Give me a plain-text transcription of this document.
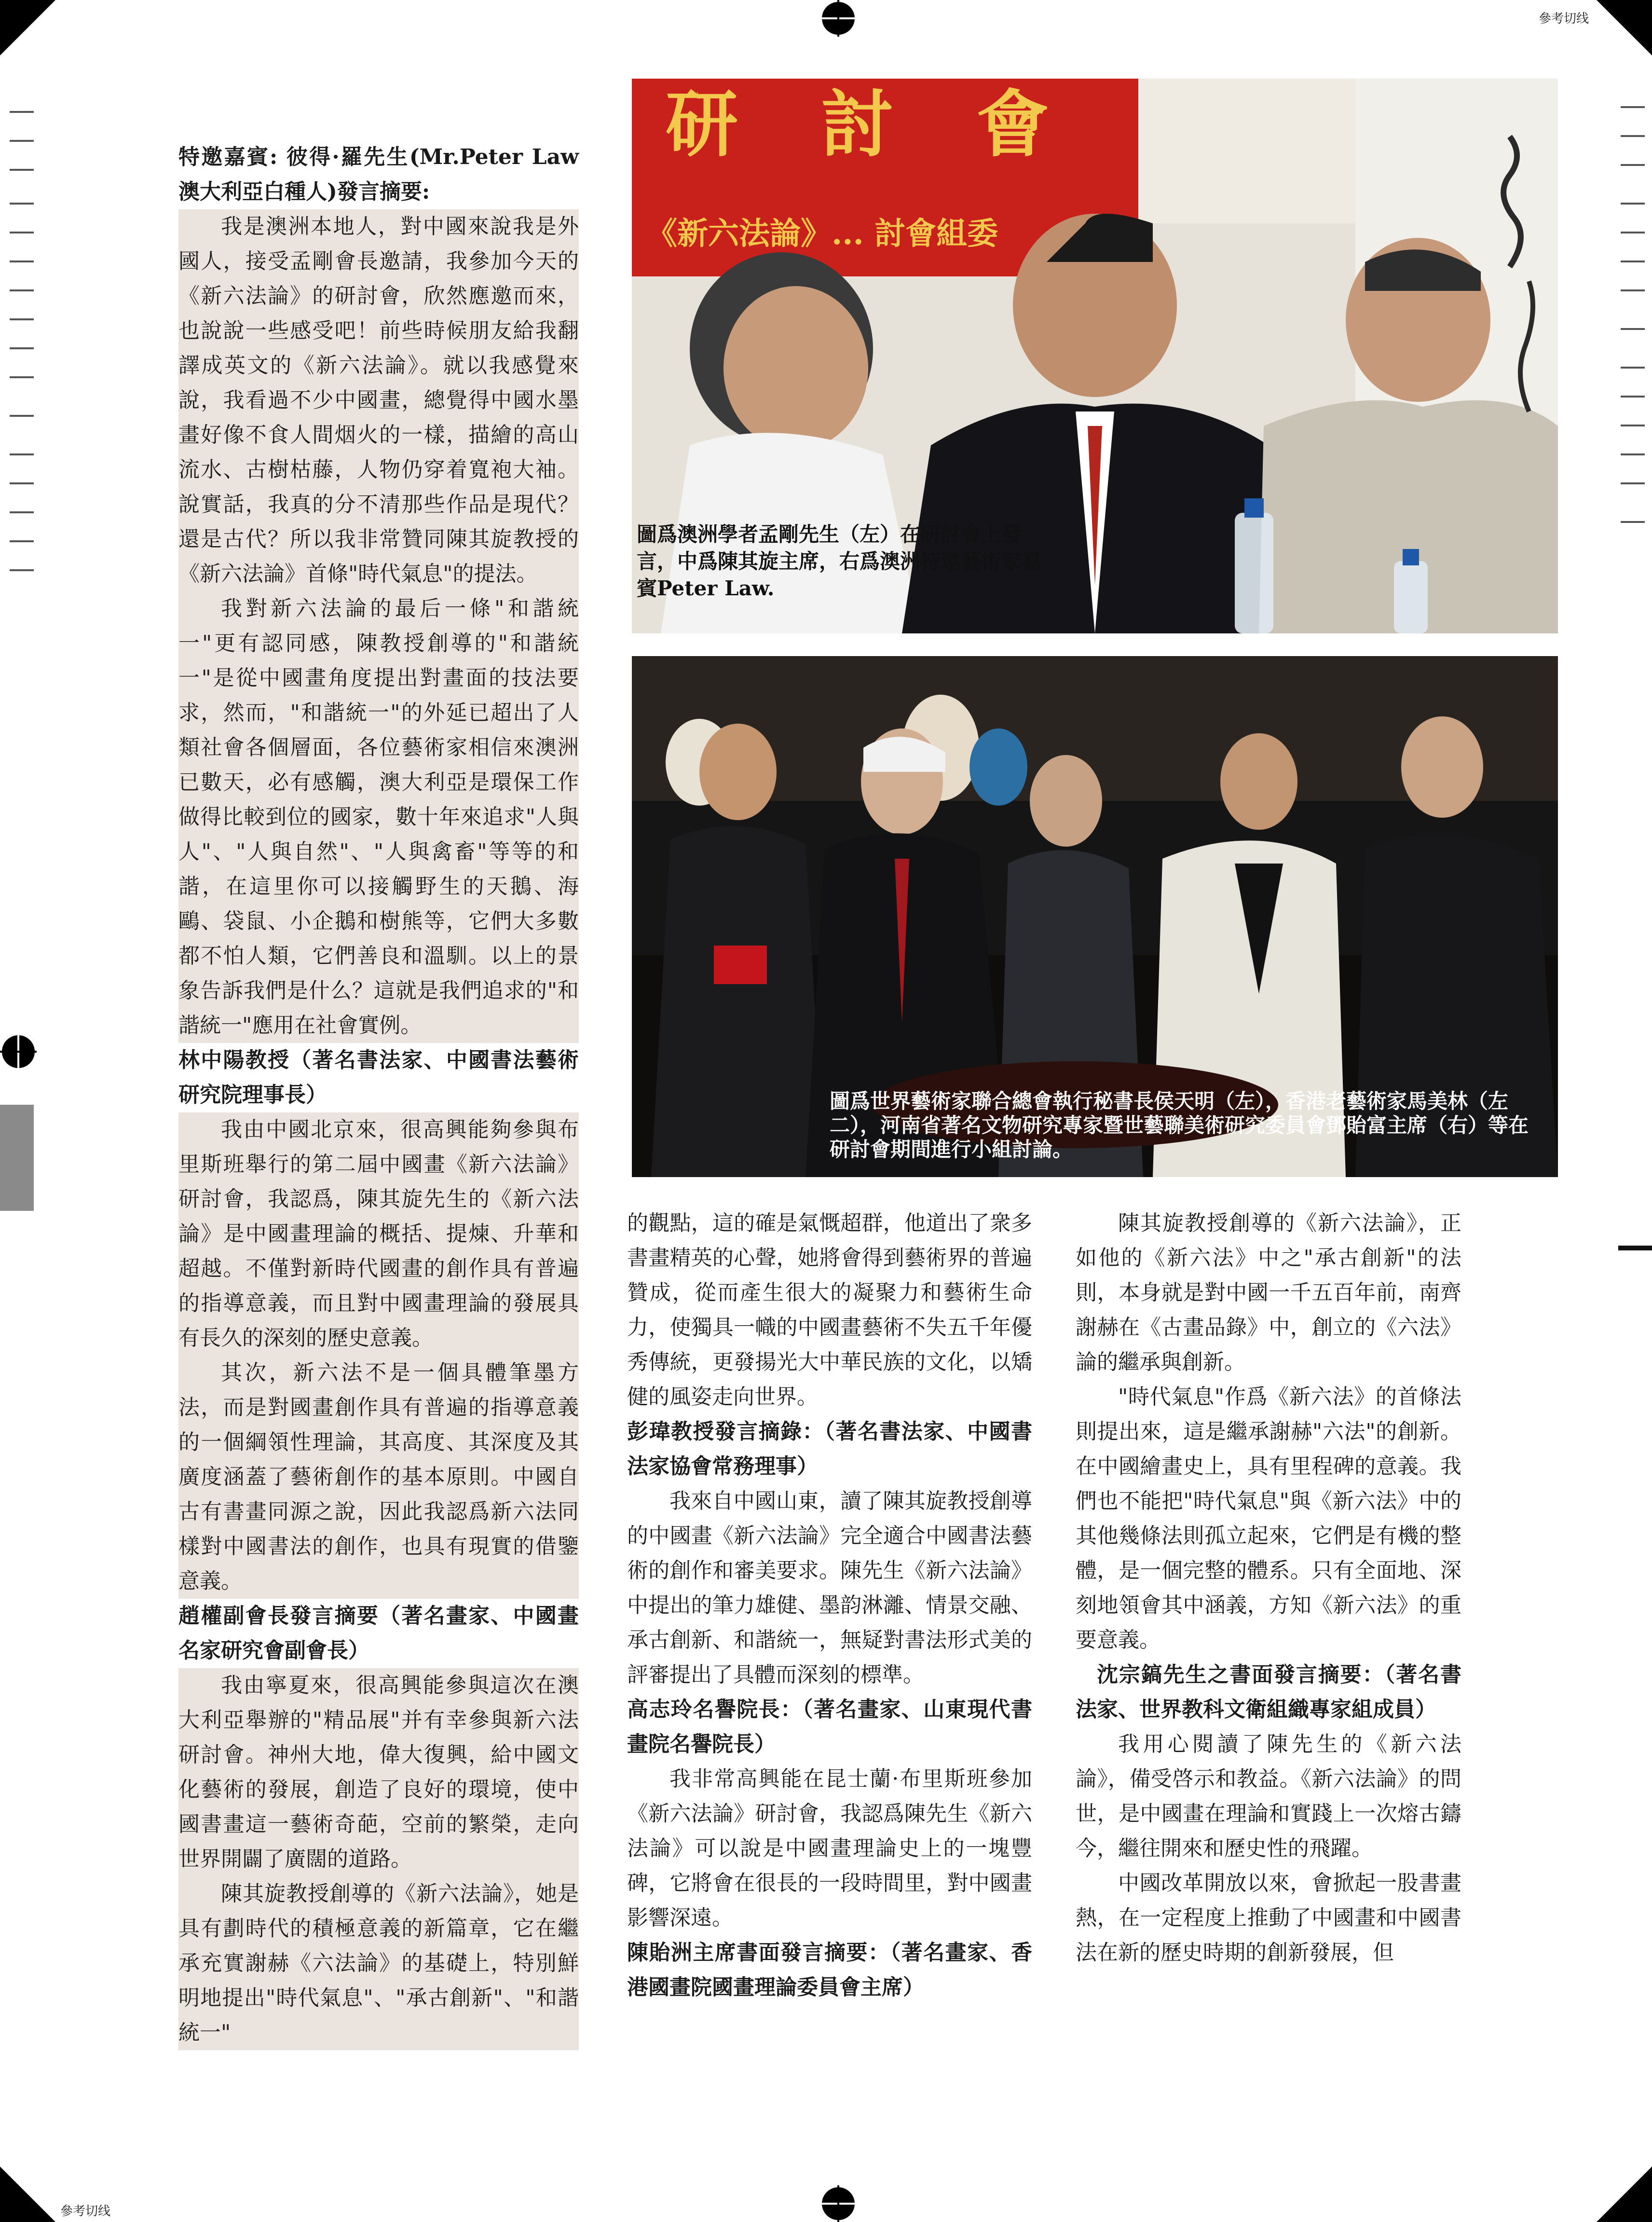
參考切线
參考切线

特邀嘉賓: 彼得·羅先生(Mr.Peter Law 澳大利亞白種人)發言摘要:

我是澳洲本地人，對中國來說我是外國人，接受孟剛會長邀請，我參加今天的《新六法論》的研討會，欣然應邀而來，也說說一些感受吧！前些時候朋友給我翻譯成英文的《新六法論》。就以我感覺來說，我看過不少中國畫，總覺得中國水墨畫好像不食人間烟火的一樣，描繪的高山流水、古樹枯藤，人物仍穿着寬袍大袖。說實話，我真的分不清那些作品是現代？還是古代？所以我非常贊同陳其旋教授的《新六法論》首條"時代氣息"的提法。

我對新六法論的最后一條"和諧統一"更有認同感，陳教授創導的"和諧統一"是從中國畫角度提出對畫面的技法要求，然而，"和諧統一"的外延已超出了人類社會各個層面，各位藝術家相信來澳洲已數天，必有感觸，澳大利亞是環保工作做得比較到位的國家，數十年來追求"人與人"、"人與自然"、"人與禽畜"等等的和諧，在這里你可以接觸野生的天鵝、海鷗、袋鼠、小企鵝和樹熊等，它們大多數都不怕人類，它們善良和溫馴。以上的景象告訴我們是什么？這就是我們追求的"和諧統一"應用在社會實例。

林中陽教授（著名書法家、中國書法藝術研究院理事長）

我由中國北京來，很高興能夠參與布里斯班舉行的第二屆中國畫《新六法論》研討會，我認爲，陳其旋先生的《新六法論》是中國畫理論的概括、提煉、升華和超越。不僅對新時代國畫的創作具有普遍的指導意義，而且對中國畫理論的發展具有長久的深刻的歷史意義。

其次，新六法不是一個具體筆墨方法，而是對國畫創作具有普遍的指導意義的一個綱領性理論，其高度、其深度及其廣度涵蓋了藝術創作的基本原則。中國自古有書畫同源之說，因此我認爲新六法同樣對中國書法的創作，也具有現實的借鑒意義。

趙權副會長發言摘要（著名畫家、中國畫名家研究會副會長）

我由寧夏來，很高興能參與這次在澳大利亞舉辦的"精品展"并有幸參與新六法研討會。神州大地，偉大復興，給中國文化藝術的發展，創造了良好的環境，使中國書畫這一藝術奇葩，空前的繁榮，走向世界開闢了廣闊的道路。

陳其旋教授創導的《新六法論》，她是具有劃時代的積極意義的新篇章，它在繼承充實謝赫《六法論》的基礎上，特別鮮明地提出"時代氣息"、"承古創新"、"和諧統一"

研 討 會
《新六法論》... 討會組委
圖爲澳洲學者孟剛先生（左）在研討會上發言，中爲陳其旋主席，右爲澳洲特邀藝術家嘉賓Peter Law.
圖爲世界藝術家聯合總會執行秘書長侯天明（左），香港老藝術家馬美林（左二），河南省著名文物研究專家暨世藝聯美術研究委員會鄧貽富主席（右）等在研討會期間進行小組討論。

的觀點，這的確是氣慨超群，他道出了衆多書畫精英的心聲，她將會得到藝術界的普遍贊成，從而產生很大的凝聚力和藝術生命力，使獨具一幟的中國畫藝術不失五千年優秀傳統，更發揚光大中華民族的文化，以矯健的風姿走向世界。

彭瑋教授發言摘錄：（著名書法家、中國書法家協會常務理事）

我來自中國山東，讀了陳其旋教授創導的中國畫《新六法論》完全適合中國書法藝術的創作和審美要求。陳先生《新六法論》中提出的筆力雄健、墨韵淋灕、情景交融、承古創新、和諧統一，無疑對書法形式美的評審提出了具體而深刻的標準。

高志玲名譽院長：（著名畫家、山東現代書畫院名譽院長）

我非常高興能在昆士蘭·布里斯班參加《新六法論》研討會，我認爲陳先生《新六法論》可以說是中國畫理論史上的一塊豐碑，它將會在很長的一段時間里，對中國畫影響深遠。

陳貽洲主席書面發言摘要：（著名畫家、香港國畫院國畫理論委員會主席）

陳其旋教授創導的《新六法論》，正如他的《新六法》中之"承古創新"的法則，本身就是對中國一千五百年前，南齊謝赫在《古畫品錄》中，創立的《六法》論的繼承與創新。

"時代氣息"作爲《新六法》的首條法則提出來，這是繼承謝赫"六法"的創新。在中國繪畫史上，具有里程碑的意義。我們也不能把"時代氣息"與《新六法》中的其他幾條法則孤立起來，它們是有機的整體，是一個完整的體系。只有全面地、深刻地領會其中涵義，方知《新六法》的重要意義。

沈宗鎬先生之書面發言摘要：（著名書法家、世界教科文衛組織專家組成員）

我用心閱讀了陳先生的《新六法論》，備受啓示和教益。《新六法論》的問世，是中國畫在理論和實踐上一次熔古鑄今，繼往開來和歷史性的飛躍。

中國改革開放以來，會掀起一股書畫熱，在一定程度上推動了中國畫和中國書法在新的歷史時期的創新發展，但
